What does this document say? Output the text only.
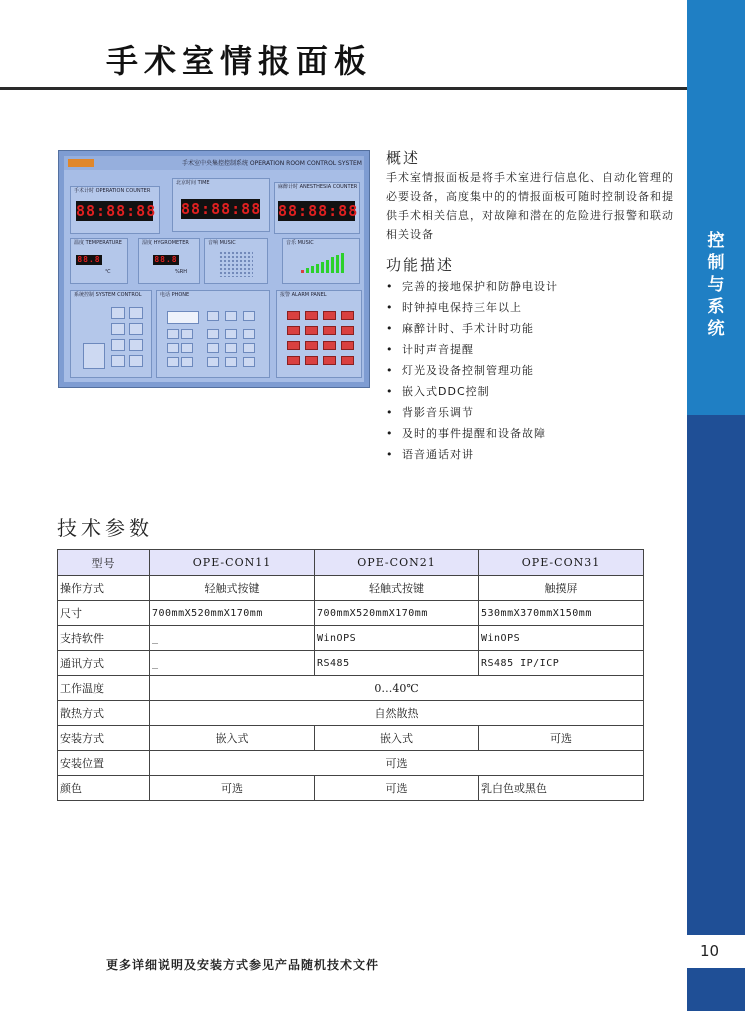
控
制
与
系
统
10
手术室情报面板
手术室中央集控控制系统 OPERATION ROOM CONTROL SYSTEM
手术计时 OPERATION COUNTER
88:88:88
北京时间 TIME
88:88:88
麻醉计时 ANESTHESIA COUNTER
88:88:88
温度 TEMPERATURE
88.8
℃
湿度 HYGROMETER
88.8
%RH
音响 MUSIC	音乐 MUSIC
系统控制 SYSTEM CONTROL	电话 PHONE	报警 ALARM PANEL
概述
手术室情报面板是将手术室进行信息化、自动化管理的必要设备，高度集中的的情报面板可随时控制设备和提供手术相关信息，对故障和潜在的危险进行报警和联动相关设备
功能描述
• 完善的接地保护和防静电设计
• 时钟掉电保持三年以上
• 麻醉计时、手术计时功能
• 计时声音提醒
• 灯光及设备控制管理功能
• 嵌入式DDC控制
• 背影音乐调节
• 及时的事件提醒和设备故障
• 语音通话对讲
技术参数
型号	OPE-CON11	OPE-CON21	OPE-CON31
操作方式	轻触式按键	轻触式按键	触摸屏
尺寸	700mmX520mmX170mm	700mmX520mmX170mm	530mmX370mmX150mm
支持软件	_	WinOPS	WinOPS
通讯方式	_	RS485	RS485 IP/ICP
工作温度	0…40℃		
散热方式	自然散热		
安装方式	嵌入式	嵌入式	可选
安装位置	可选		
颜色	可选	可选	乳白色或黑色
更多详细说明及安装方式参见产品随机技术文件
